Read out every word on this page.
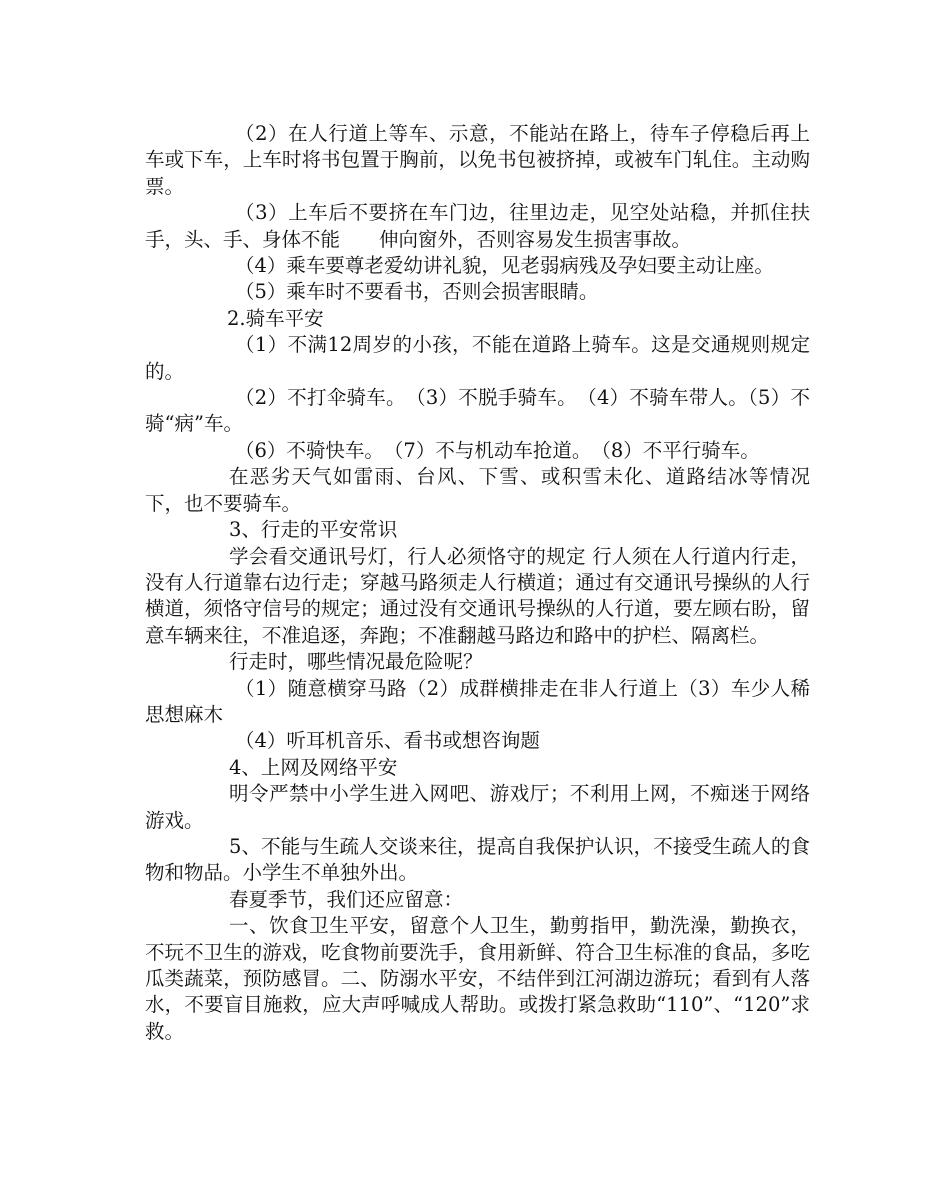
（2）在人行道上等车、示意，不能站在路上，待车子停稳后再上车或下车，上车时将书包置于胸前，以免书包被挤掉，或被车门轧住。主动购票。

（3）上车后不要挤在车门边，往里边走，见空处站稳，并抓住扶手，头、手、身体不能　　伸向窗外，否则容易发生损害事故。

（4）乘车要尊老爱幼讲礼貌，见老弱病残及孕妇要主动让座。

（5）乘车时不要看书，否则会损害眼睛。

2.骑车平安

（1）不满12周岁的小孩，不能在道路上骑车。这是交通规则规定的。

（2）不打伞骑车。　（3）不脱手骑车。　（4）不骑车带人。（5）不骑“病”车。

（6）不骑快车。　（7）不与机动车抢道。　（8）不平行骑车。

在恶劣天气如雷雨、台风、下雪、或积雪未化、道路结冰等情况下，也不要骑车。

3、行走的平安常识

学会看交通讯号灯，行人必须恪守的规定 行人须在人行道内行走，没有人行道靠右边行走；穿越马路须走人行横道；通过有交通讯号操纵的人行横道，须恪守信号的规定；通过没有交通讯号操纵的人行道，要左顾右盼，留意车辆来往，不准追逐，奔跑；不准翻越马路边和路中的护栏、隔离栏。

行走时，哪些情况最危险呢？

（1）随意横穿马路（2）成群横排走在非人行道上（3）车少人稀思想麻木

（4）听耳机音乐、看书或想咨询题

4、上网及网络平安

明令严禁中小学生进入网吧、游戏厅；不利用上网，不痴迷于网络游戏。

5、不能与生疏人交谈来往，提高自我保护认识，不接受生疏人的食物和物品。小学生不单独外出。

春夏季节，我们还应留意：

一、饮食卫生平安，留意个人卫生，勤剪指甲，勤洗澡，勤换衣，不玩不卫生的游戏，吃食物前要洗手，食用新鲜、符合卫生标准的食品，多吃瓜类蔬菜，预防感冒。二、防溺水平安，不结伴到江河湖边游玩；看到有人落水，不要盲目施救，应大声呼喊成人帮助。或拨打紧急救助“110”、“120”求救。
